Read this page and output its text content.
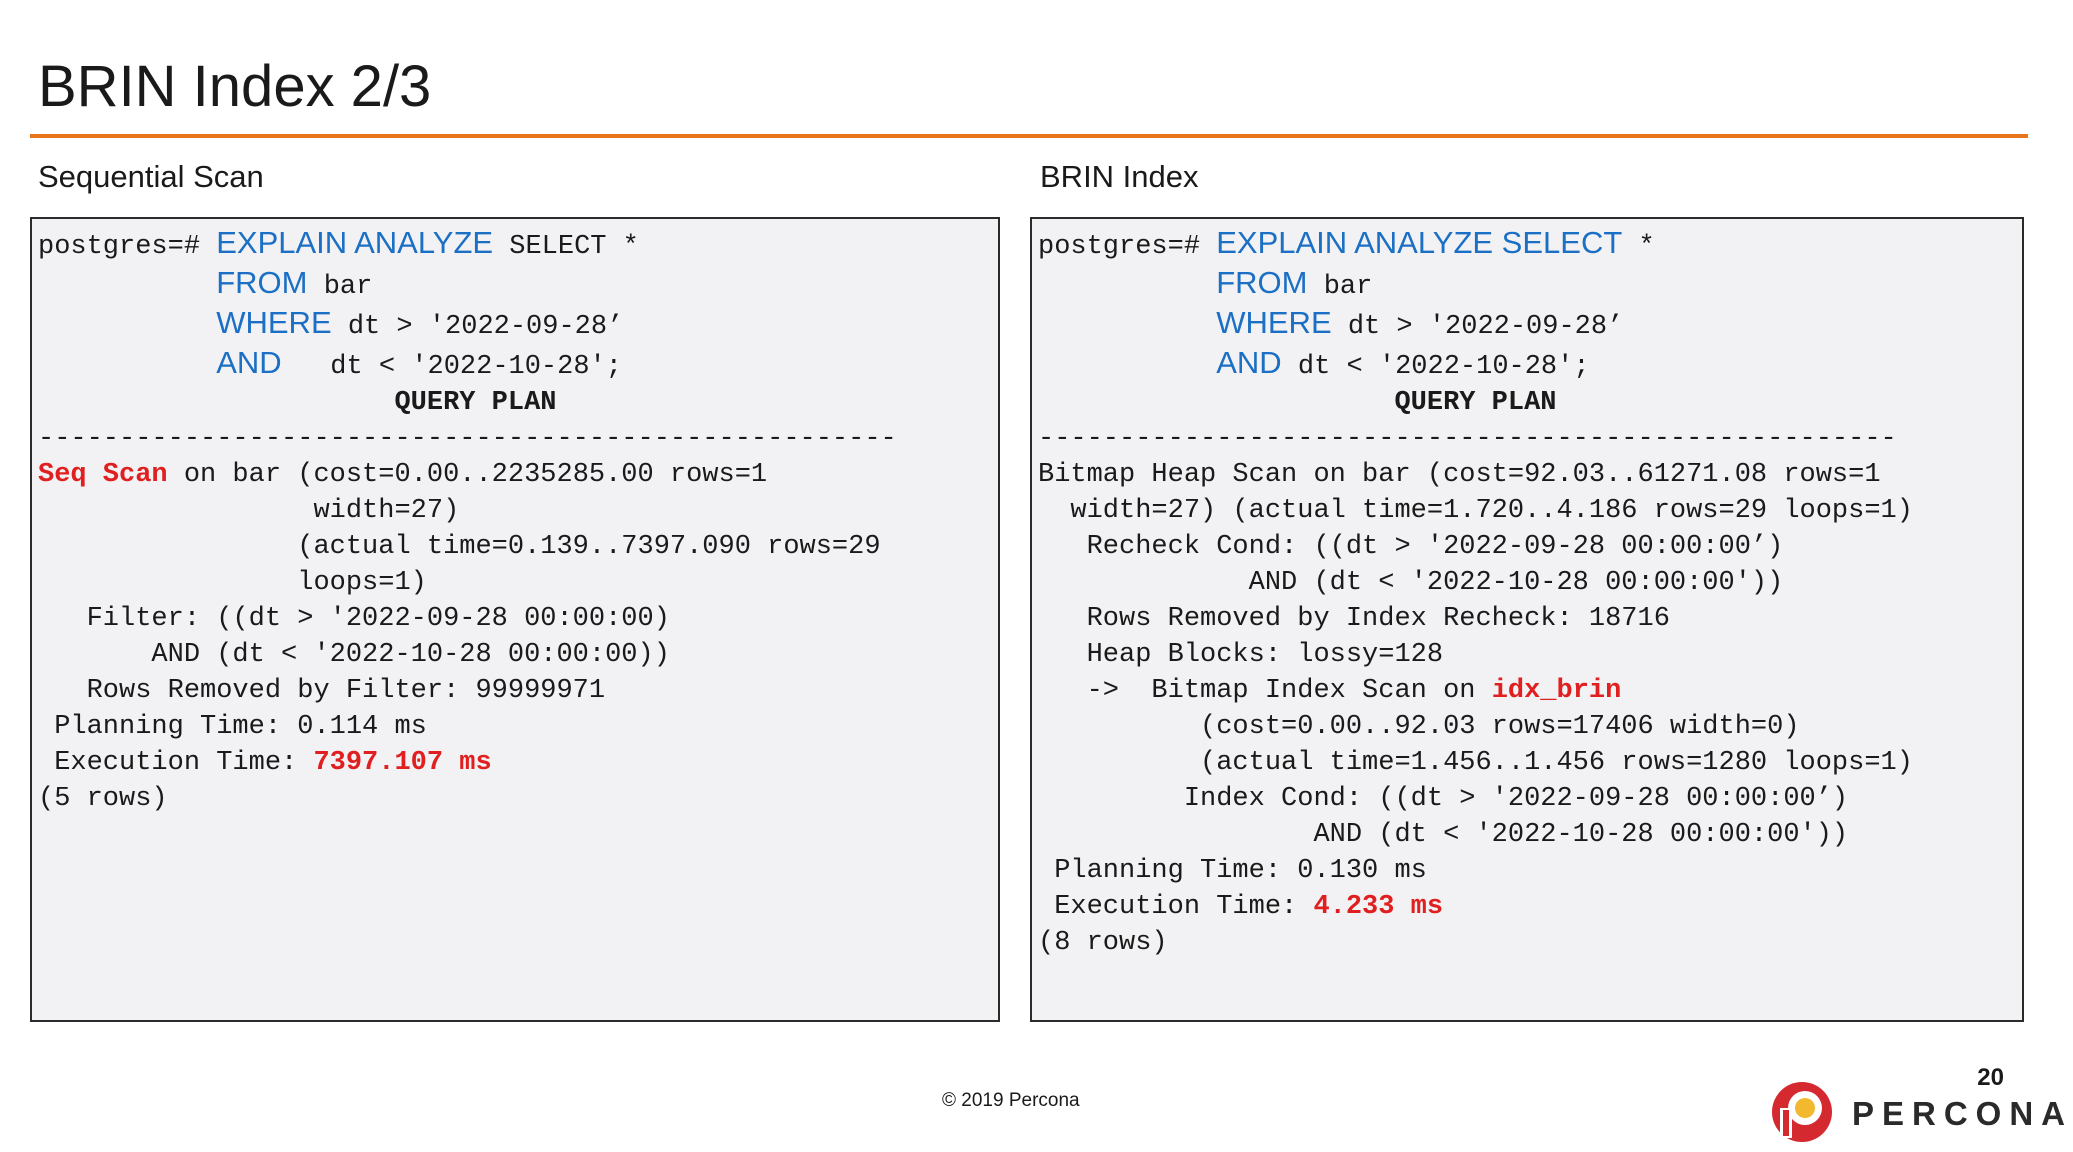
BRIN Index 2/3
Sequential Scan	BRIN Index
postgres=# EXPLAIN ANALYZE SELECT *
FROM bar
WHERE dt > '2022-09-28’
AND   dt < '2022-10-28';
QUERY PLAN
-----------------------------------------------------
Seq Scan on bar (cost=0.00..2235285.00 rows=1
width=27)
(actual time=0.139..7397.090 rows=29
loops=1)
Filter: ((dt > '2022-09-28 00:00:00)
AND (dt < '2022-10-28 00:00:00))
Rows Removed by Filter: 99999971
Planning Time: 0.114 ms
Execution Time: 7397.107 ms
(5 rows)
postgres=# EXPLAIN ANALYZE SELECT *
FROM bar
WHERE dt > '2022-09-28’
AND dt < '2022-10-28';
QUERY PLAN
-----------------------------------------------------
Bitmap Heap Scan on bar (cost=92.03..61271.08 rows=1
width=27) (actual time=1.720..4.186 rows=29 loops=1)
Recheck Cond: ((dt > '2022-09-28 00:00:00’)
AND (dt < '2022-10-28 00:00:00'))
Rows Removed by Index Recheck: 18716
Heap Blocks: lossy=128
->  Bitmap Index Scan on idx_brin
(cost=0.00..92.03 rows=17406 width=0)
(actual time=1.456..1.456 rows=1280 loops=1)
Index Cond: ((dt > '2022-09-28 00:00:00’)
AND (dt < '2022-10-28 00:00:00'))
Planning Time: 0.130 ms
Execution Time: 4.233 ms
(8 rows)
© 2019 Percona
20
PERCONA
